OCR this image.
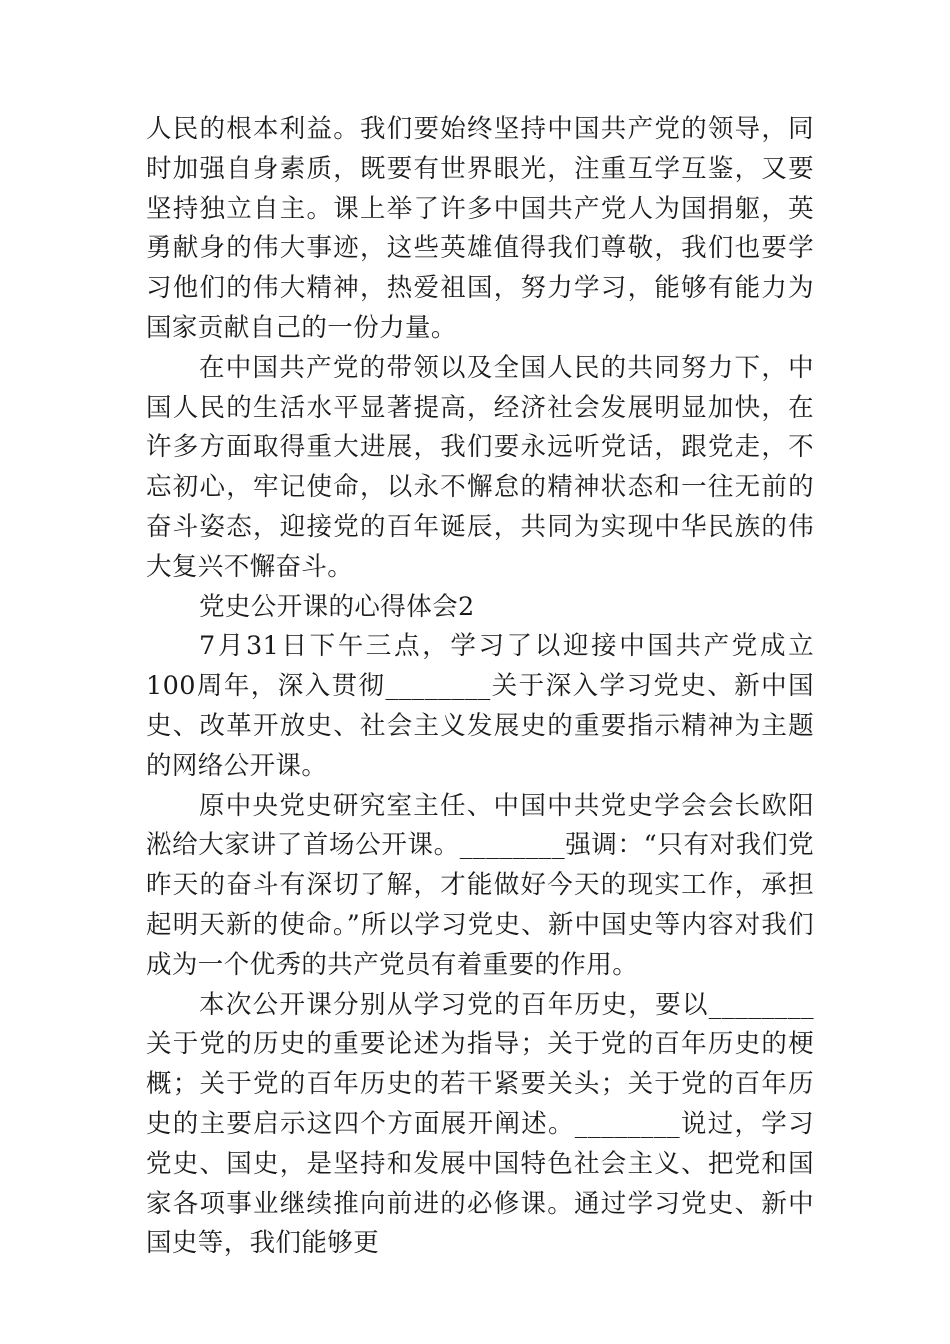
人民的根本利益。我们要始终坚持中国共产党的领导，同时加强自身素质，既要有世界眼光，注重互学互鉴，又要坚持独立自主。课上举了许多中国共产党人为国捐躯，英勇献身的伟大事迹，这些英雄值得我们尊敬，我们也要学习他们的伟大精神，热爱祖国，努力学习，能够有能力为国家贡献自己的一份力量。

在中国共产党的带领以及全国人民的共同努力下，中国人民的生活水平显著提高，经济社会发展明显加快，在许多方面取得重大进展，我们要永远听党话，跟党走，不忘初心，牢记使命，以永不懈怠的精神状态和一往无前的奋斗姿态，迎接党的百年诞辰，共同为实现中华民族的伟大复兴不懈奋斗。

党史公开课的心得体会2

7月31日下午三点，学习了以迎接中国共产党成立100周年，深入贯彻________关于深入学习党史、新中国史、改革开放史、社会主义发展史的重要指示精神为主题的网络公开课。

原中央党史研究室主任、中国中共党史学会会长欧阳淞给大家讲了首场公开课。________强调：“只有对我们党昨天的奋斗有深切了解，才能做好今天的现实工作，承担起明天新的使命。”所以学习党史、新中国史等内容对我们成为一个优秀的共产党员有着重要的作用。

本次公开课分别从学习党的百年历史，要以________关于党的历史的重要论述为指导；关于党的百年历史的梗概；关于党的百年历史的若干紧要关头；关于党的百年历史的主要启示这四个方面展开阐述。________说过，学习党史、国史，是坚持和发展中国特色社会主义、把党和国家各项事业继续推向前进的必修课。通过学习党史、新中国史等，我们能够更
